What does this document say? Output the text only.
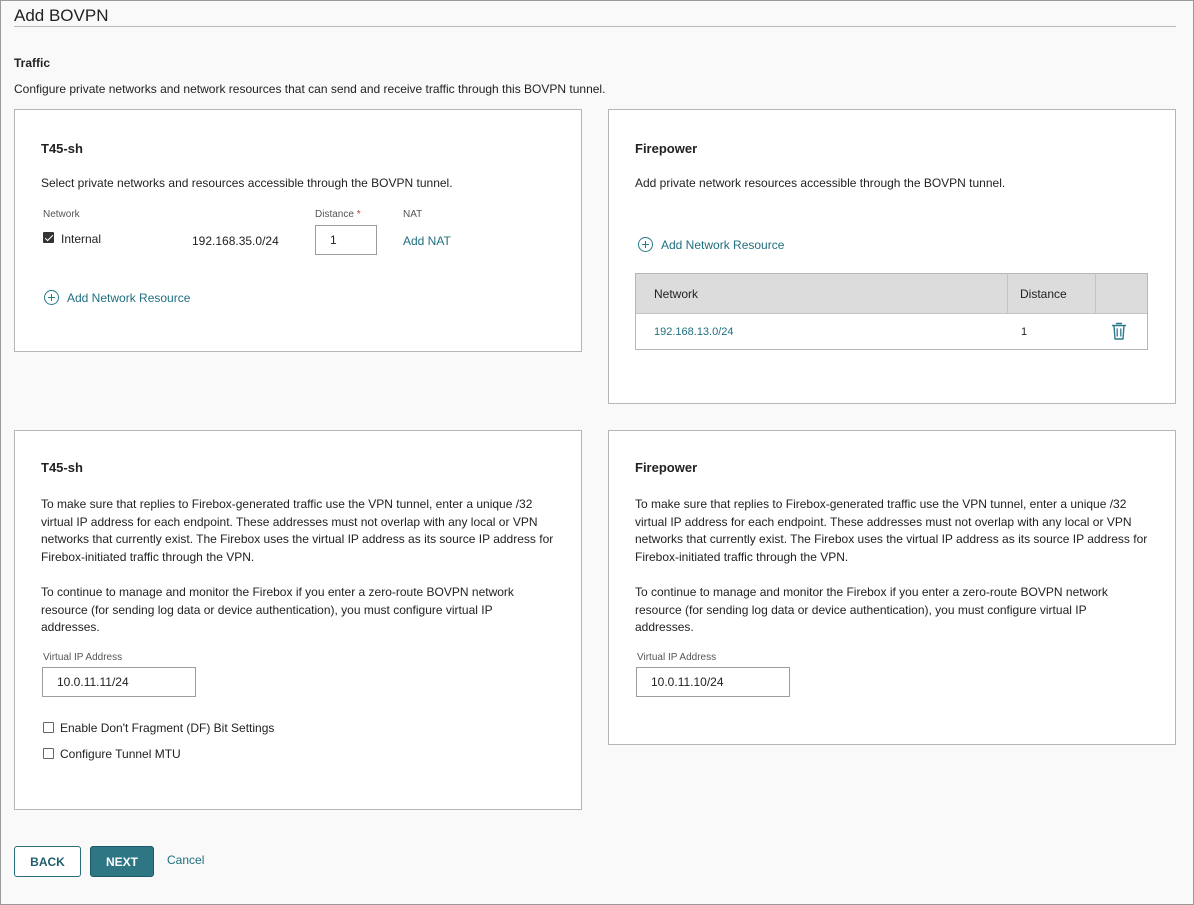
Add BOVPN
Traffic
Configure private networks and network resources that can send and receive traffic through this BOVPN tunnel.
T45-sh
Select private networks and resources accessible through the BOVPN tunnel.
Network	Distance *	NAT
Internal	192.168.35.0/24	1	Add NAT
Add Network Resource
Firepower
Add private network resources accessible through the BOVPN tunnel.
Add Network Resource
Network	Distance
192.168.13.0/24	1
T45-sh
To make sure that replies to Firebox-generated traffic use the VPN tunnel, enter a unique /32 virtual IP address for each endpoint. These addresses must not overlap with any local or VPN networks that currently exist. The Firebox uses the virtual IP address as its source IP address for Firebox-initiated traffic through the VPN.
To continue to manage and monitor the Firebox if you enter a zero-route BOVPN network resource (for sending log data or device authentication), you must configure virtual IP addresses.
Virtual IP Address
10.0.11.11/24
Enable Don't Fragment (DF) Bit Settings
Configure Tunnel MTU
Firepower
To make sure that replies to Firebox-generated traffic use the VPN tunnel, enter a unique /32 virtual IP address for each endpoint. These addresses must not overlap with any local or VPN networks that currently exist. The Firebox uses the virtual IP address as its source IP address for Firebox-initiated traffic through the VPN.
To continue to manage and monitor the Firebox if you enter a zero-route BOVPN network resource (for sending log data or device authentication), you must configure virtual IP addresses.
Virtual IP Address
10.0.11.10/24
BACK	NEXT	Cancel
